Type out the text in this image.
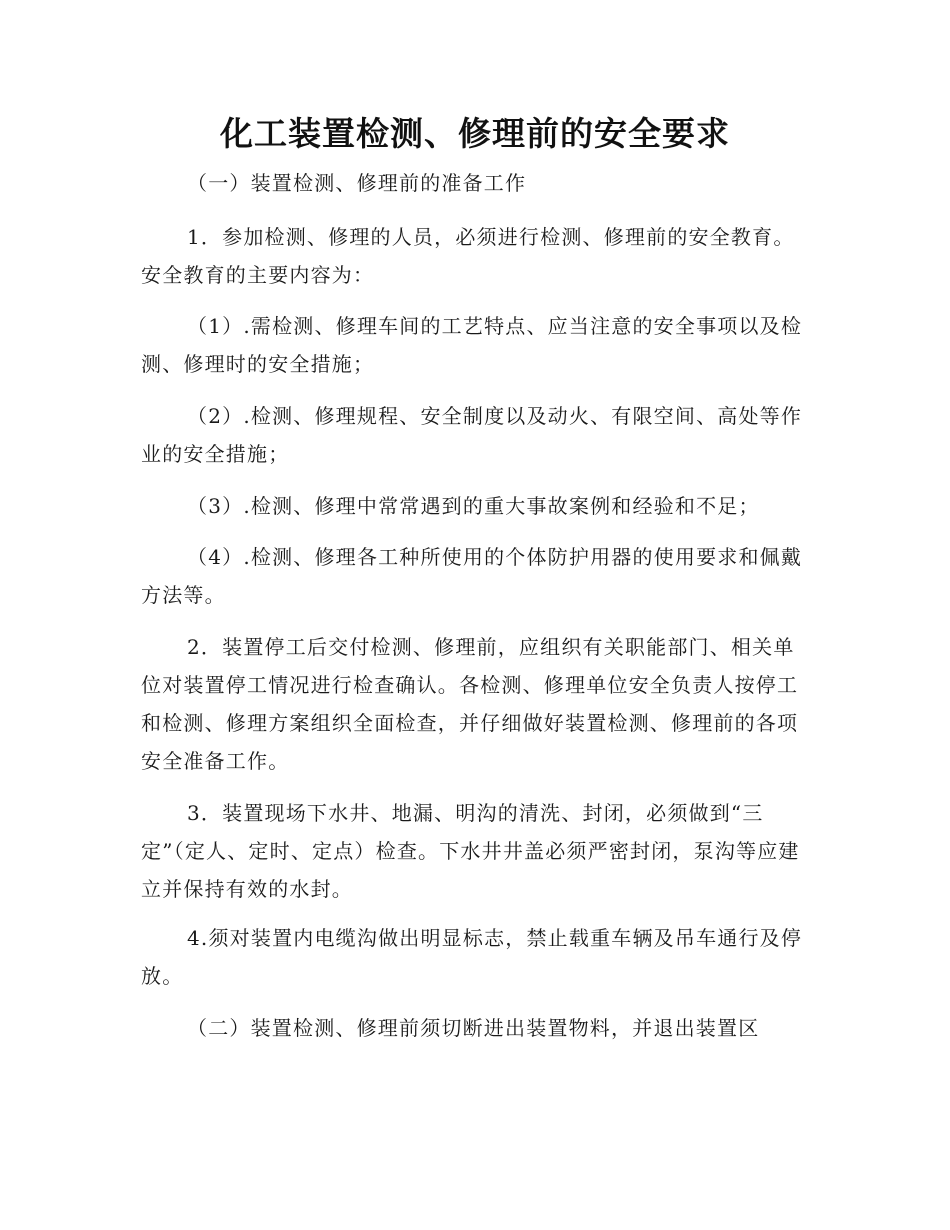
化工装置检测、修理前的安全要求

（一）装置检测、修理前的准备工作

1．参加检测、修理的人员，必须进行检测、修理前的安全教育。安全教育的主要内容为：

（1）.需检测、修理车间的工艺特点、应当注意的安全事项以及检测、修理时的安全措施；

（2）.检测、修理规程、安全制度以及动火、有限空间、高处等作业的安全措施；

（3）.检测、修理中常常遇到的重大事故案例和经验和不足；

（4）.检测、修理各工种所使用的个体防护用器的使用要求和佩戴方法等。

2．装置停工后交付检测、修理前，应组织有关职能部门、相关单位对装置停工情况进行检查确认。各检测、修理单位安全负责人按停工和检测、修理方案组织全面检查，并仔细做好装置检测、修理前的各项安全准备工作。

3．装置现场下水井、地漏、明沟的清洗、封闭，必须做到“三定”（定人、定时、定点）检查。下水井井盖必须严密封闭，泵沟等应建立并保持有效的水封。

4.须对装置内电缆沟做出明显标志，禁止载重车辆及吊车通行及停放。

（二）装置检测、修理前须切断进出装置物料，并退出装置区
